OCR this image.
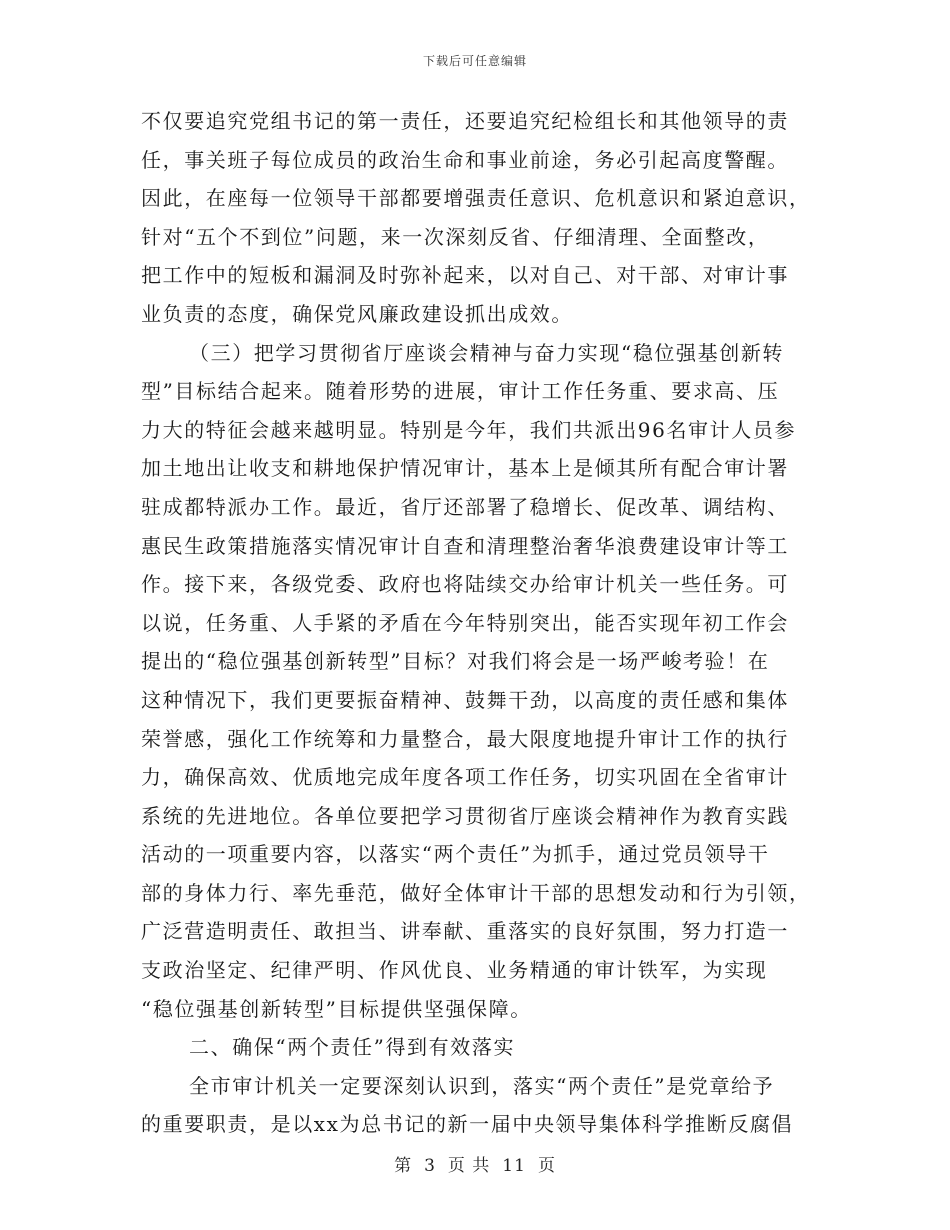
下载后可任意编辑
不仅要追究党组书记的第一责任，还要追究纪检组长和其他领导的责
任，事关班子每位成员的政治生命和事业前途，务必引起高度警醒。
因此，在座每一位领导干部都要增强责任意识、危机意识和紧迫意识，
针对“五个不到位”问题，来一次深刻反省、仔细清理、全面整改，
把工作中的短板和漏洞及时弥补起来，以对自己、对干部、对审计事
业负责的态度，确保党风廉政建设抓出成效。
（三）把学习贯彻省厅座谈会精神与奋力实现“稳位强基创新转
型”目标结合起来。随着形势的进展，审计工作任务重、要求高、压
力大的特征会越来越明显。特别是今年，我们共派出96名审计人员参
加土地出让收支和耕地保护情况审计，基本上是倾其所有配合审计署
驻成都特派办工作。最近，省厅还部署了稳增长、促改革、调结构、
惠民生政策措施落实情况审计自查和清理整治奢华浪费建设审计等工
作。接下来，各级党委、政府也将陆续交办给审计机关一些任务。可
以说，任务重、人手紧的矛盾在今年特别突出，能否实现年初工作会
提出的“稳位强基创新转型”目标？对我们将会是一场严峻考验！在
这种情况下，我们更要振奋精神、鼓舞干劲，以高度的责任感和集体
荣誉感，强化工作统筹和力量整合，最大限度地提升审计工作的执行
力，确保高效、优质地完成年度各项工作任务，切实巩固在全省审计
系统的先进地位。各单位要把学习贯彻省厅座谈会精神作为教育实践
活动的一项重要内容，以落实“两个责任”为抓手，通过党员领导干
部的身体力行、率先垂范，做好全体审计干部的思想发动和行为引领，
广泛营造明责任、敢担当、讲奉献、重落实的良好氛围，努力打造一
支政治坚定、纪律严明、作风优良、业务精通的审计铁军，为实现
“稳位强基创新转型”目标提供坚强保障。
二、确保“两个责任”得到有效落实
全市审计机关一定要深刻认识到，落实“两个责任”是党章给予
的重要职责，是以xx为总书记的新一届中央领导集体科学推断反腐倡
第 3 页 共 11 页
